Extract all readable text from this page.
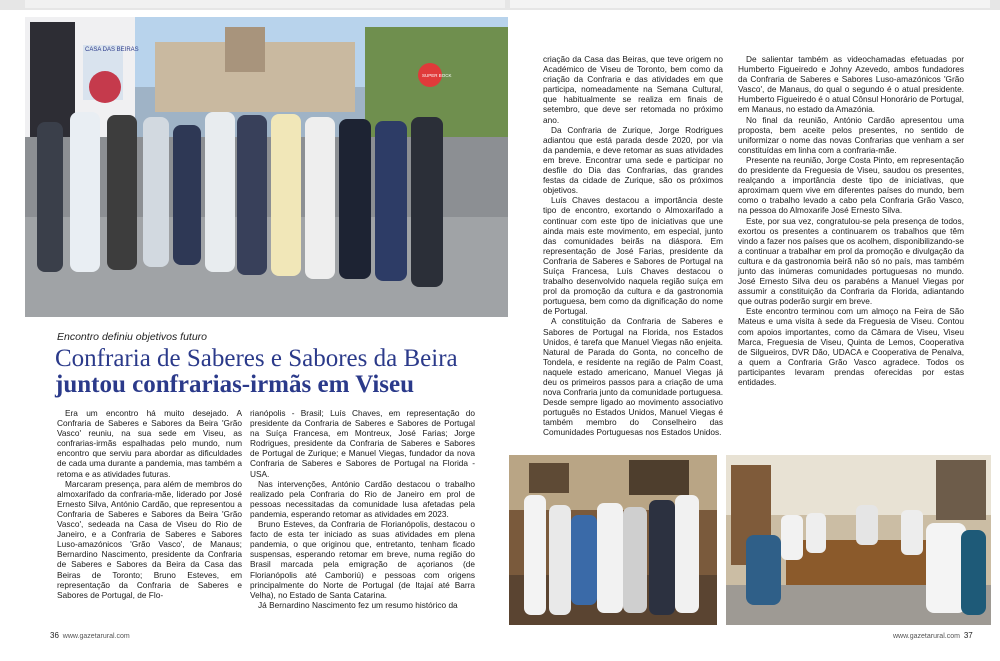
CASA DAS BEIRAS
SUPER BOCK
Encontro definiu objetivos futuro
Confraria de Saberes e Sabores da Beira
juntou confrarias-irmãs em Viseu

Era um encontro há muito desejado. A Confraria de Saberes e Sabores da Beira 'Grão Vasco' reuniu, na sua sede em Viseu, as confrarias-irmãs espalhadas pelo mundo, num encontro que serviu para abordar as dificuldades de cada uma durante a pandemia, mas também a retoma e as atividades futuras.

Marcaram presença, para além de membros do almoxarifado da confraria-mãe, liderado por José Ernesto Silva, António Cardão, que representou a Confraria de Saberes e Sabores da Beira 'Grão Vasco', sedeada na Casa de Viseu do Rio de Janeiro, e a Confraria de Saberes e Sabores Luso-amazónicos 'Grão Vasco', de Manaus; Bernardino Nascimento, presidente da Confraria de Saberes e Sabores da Beira da Casa das Beiras de Toronto; Bruno Esteves, em representação da Confraria de Saberes e Sabores de Portugal, de Flo-

rianópolis - Brasil; Luís Chaves, em representação do presidente da Confraria de Saberes e Sabores de Portugal na Suíça Francesa, em Montreux, José Farias; Jorge Rodrigues, presidente da Confraria de Saberes e Sabores de Portugal de Zurique; e Manuel Viegas, fundador da nova Confraria de Saberes e Sabores de Portugal na Florida - USA.

Nas intervenções, António Cardão destacou o trabalho realizado pela Confraria do Rio de Janeiro em prol de pessoas necessitadas da comunidade lusa afetadas pela pandemia, esperando retomar as atividades em 2023.

Bruno Esteves, da Confraria de Florianópolis, destacou o facto de esta ter iniciado as suas atividades em plena pandemia, o que originou que, entretanto, tenham ficado suspensas, esperando retomar em breve, numa região do Brasil marcada pela emigração de açorianos (de Florianópolis até Camboriú) e pessoas com origens principalmente do Norte de Portugal (de Itajaí até Barra Velha), no Estado de Santa Catarina.

Já Bernardino Nascimento fez um resumo histórico da

criação da Casa das Beiras, que teve origem no Académico de Viseu de Toronto, bem como da criação da Confraria e das atividades em que participa, nomeadamente na Semana Cultural, que habitualmente se realiza em finais de setembro, que deve ser retomada no próximo ano.

Da Confraria de Zurique, Jorge Rodrigues adiantou que está parada desde 2020, por via da pandemia, e deve retomar as suas atividades em breve. Encontrar uma sede e participar no desfile do Dia das Confrarias, das grandes festas da cidade de Zurique, são os próximos objetivos.

Luís Chaves destacou a importância deste tipo de encontro, exortando o Almoxarifado a continuar com este tipo de iniciativas que une ainda mais este movimento, em especial, junto das comunidades beirãs na diáspora. Em representação de José Farias, presidente da Confraria de Saberes e Sabores de Portugal na Suíça Francesa, Luís Chaves destacou o trabalho desenvolvido naquela região suíça em prol da promoção da cultura e da gastronomia portuguesa, bem como da dignificação do nome de Portugal.

A constituição da Confraria de Saberes e Sabores de Portugal na Florida, nos Estados Unidos, é tarefa que Manuel Viegas não enjeita. Natural de Parada do Gonta, no concelho de Tondela, e residente na região de Palm Coast, naquele estado americano, Manuel Viegas já deu os primeiros passos para a criação de uma nova Confraria junto da comunidade portuguesa. Desde sempre ligado ao movimento associativo português no Estados Unidos, Manuel Viegas é também membro do Conselheiro das Comunidades Portuguesas nos Estados Unidos.

De salientar também as videochamadas efetuadas por Humberto Figueiredo e Johny Azevedo, ambos fundadores da Confraria de Saberes e Sabores Luso-amazónicos 'Grão Vasco', de Manaus, do qual o segundo é o atual presidente. Humberto Figueiredo é o atual Cônsul Honorário de Portugal, em Manaus, no estado da Amazónia.

No final da reunião, António Cardão apresentou uma proposta, bem aceite pelos presentes, no sentido de uniformizar o nome das novas Confrarias que venham a ser constituídas em linha com a confraria-mãe.

Presente na reunião, Jorge Costa Pinto, em representação do presidente da Freguesia de Viseu, saudou os presentes, realçando a importância deste tipo de iniciativas, que aproximam quem vive em diferentes países do mundo, bem como o trabalho levado a cabo pela Confraria Grão Vasco, na pessoa do Almoxarife José Ernesto Silva.

Este, por sua vez, congratulou-se pela presença de todos, exortou os presentes a continuarem os trabalhos que têm vindo a fazer nos países que os acolhem, disponibilizando-se a continuar a trabalhar em prol da promoção e divulgação da cultura e da gastronomia beirã não só no país, mas também junto das inúmeras comunidades portuguesas no mundo. José Ernesto Silva deu os parabéns a Manuel Viegas por assumir a constituição da Confraria da Florida, adiantando que outras poderão surgir em breve.

Este encontro terminou com um almoço na Feira de São Mateus e uma visita à sede da Freguesia de Viseu. Contou com apoios importantes, como da Câmara de Viseu, Viseu Marca, Freguesia de Viseu, Quinta de Lemos, Cooperativa de Silgueiros, DVR Dão, UDACA e Cooperativa de Penalva, a quem a Confraria Grão Vasco agradece. Todos os participantes levaram prendas oferecidas por estas entidades.

36 www.gazetarural.com	www.gazetarural.com 37
